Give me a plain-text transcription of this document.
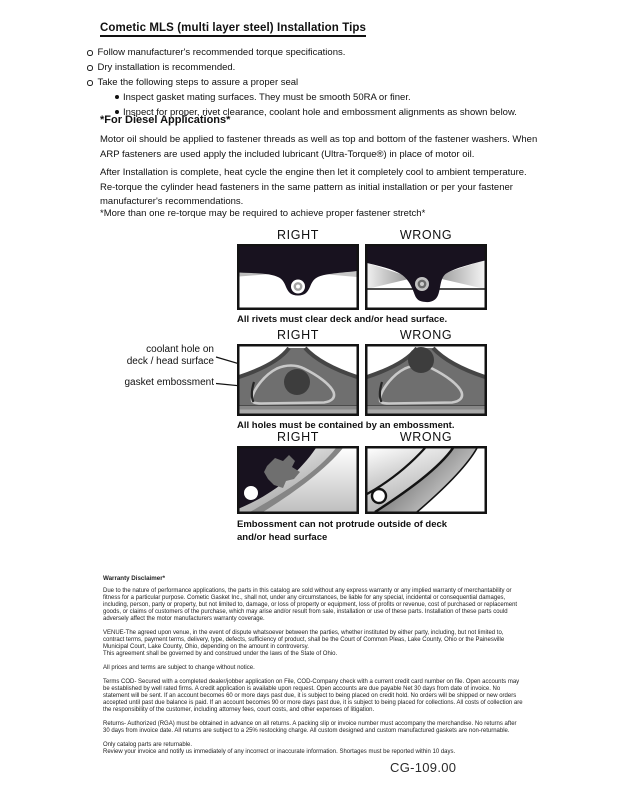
Cometic MLS (multi layer steel) Installation Tips
Follow manufacturer's recommended torque specifications.
Dry installation is recommended.
Take the following steps to assure a proper seal
Inspect gasket mating surfaces. They must be smooth 50RA or finer.
Inspect for proper, rivet clearance, coolant hole and embossment alignments as shown below.
*For Diesel Applications*
Motor oil should be applied to fastener threads as well as top and bottom of the fastener washers. When ARP fasteners are used apply the included lubricant (Ultra-Torque®) in place of motor oil.
After Installation is complete, heat cycle the engine then let it completely cool to ambient temperature. Re-torque the cylinder head fasteners in the same pattern as initial installation or per your fastener manufacturer's recommendations.
*More than one re-torque may be required to achieve proper fastener stretch*
RIGHT	WRONG
All rivets must clear deck and/or head surface.
RIGHT	WRONG
coolant hole on
deck / head surface
gasket embossment
All holes must be contained by an embossment.
RIGHT	WRONG
Embossment can not protrude outside of deck
and/or head surface
Warranty Disclaimer*

Due to the nature of performance applications, the parts in this catalog are sold without any express warranty or any implied warranty of merchantability or fitness for a particular purpose. Cometic Gasket Inc., shall not, under any circumstances, be liable for any special, incidental or consequential damages, including, person, party or property, but not limited to, damage, or loss of property or equipment, loss of profits or revenue, cost of purchased or replacement goods, or claims of customers of the purchase, which may arise and/or result from sale, installation or use of these parts. Installation of these parts could adversely affect the motor manufacturers warranty coverage.

VENUE-The agreed upon venue, in the event of dispute whatsoever between the parties, whether instituted by either party, including, but not limited to, contract terms, payment terms, delivery, type, defects, sufficiency of product, shall be the Court of Common Pleas, Lake County, Ohio or the Painesville Municipal Court, Lake County, Ohio, depending on the amount in controversy.
This agreement shall be governed by and construed under the laws of the State of Ohio.

All prices and terms are subject to change without notice.

Terms COD- Secured with a completed dealer/jobber application on File, COD-Company check with a current credit card number on file. Open accounts may be established by well rated firms. A credit application is available upon request. Open accounts are due payable Net 30 days from date of invoice. No statement will be sent. If an account becomes 60 or more days past due, it is subject to being placed on credit hold. No orders will be shipped or new orders accepted until past due balance is paid. If an account becomes 90 or more days past due, it is subject to being placed for collections. All costs of collection are the responsibility of the customer, including attorney fees, court costs, and other expenses of litigation.

Returns- Authorized (RGA) must be obtained in advance on all returns. A packing slip or invoice number must accompany the merchandise. No returns after 30 days from invoice date. All returns are subject to a 25% restocking charge. All custom designed and custom manufactured gaskets are non-returnable.

Only catalog parts are returnable.
Review your invoice and notify us immediately of any incorrect or inaccurate information. Shortages must be reported within 10 days.
CG-109.00
